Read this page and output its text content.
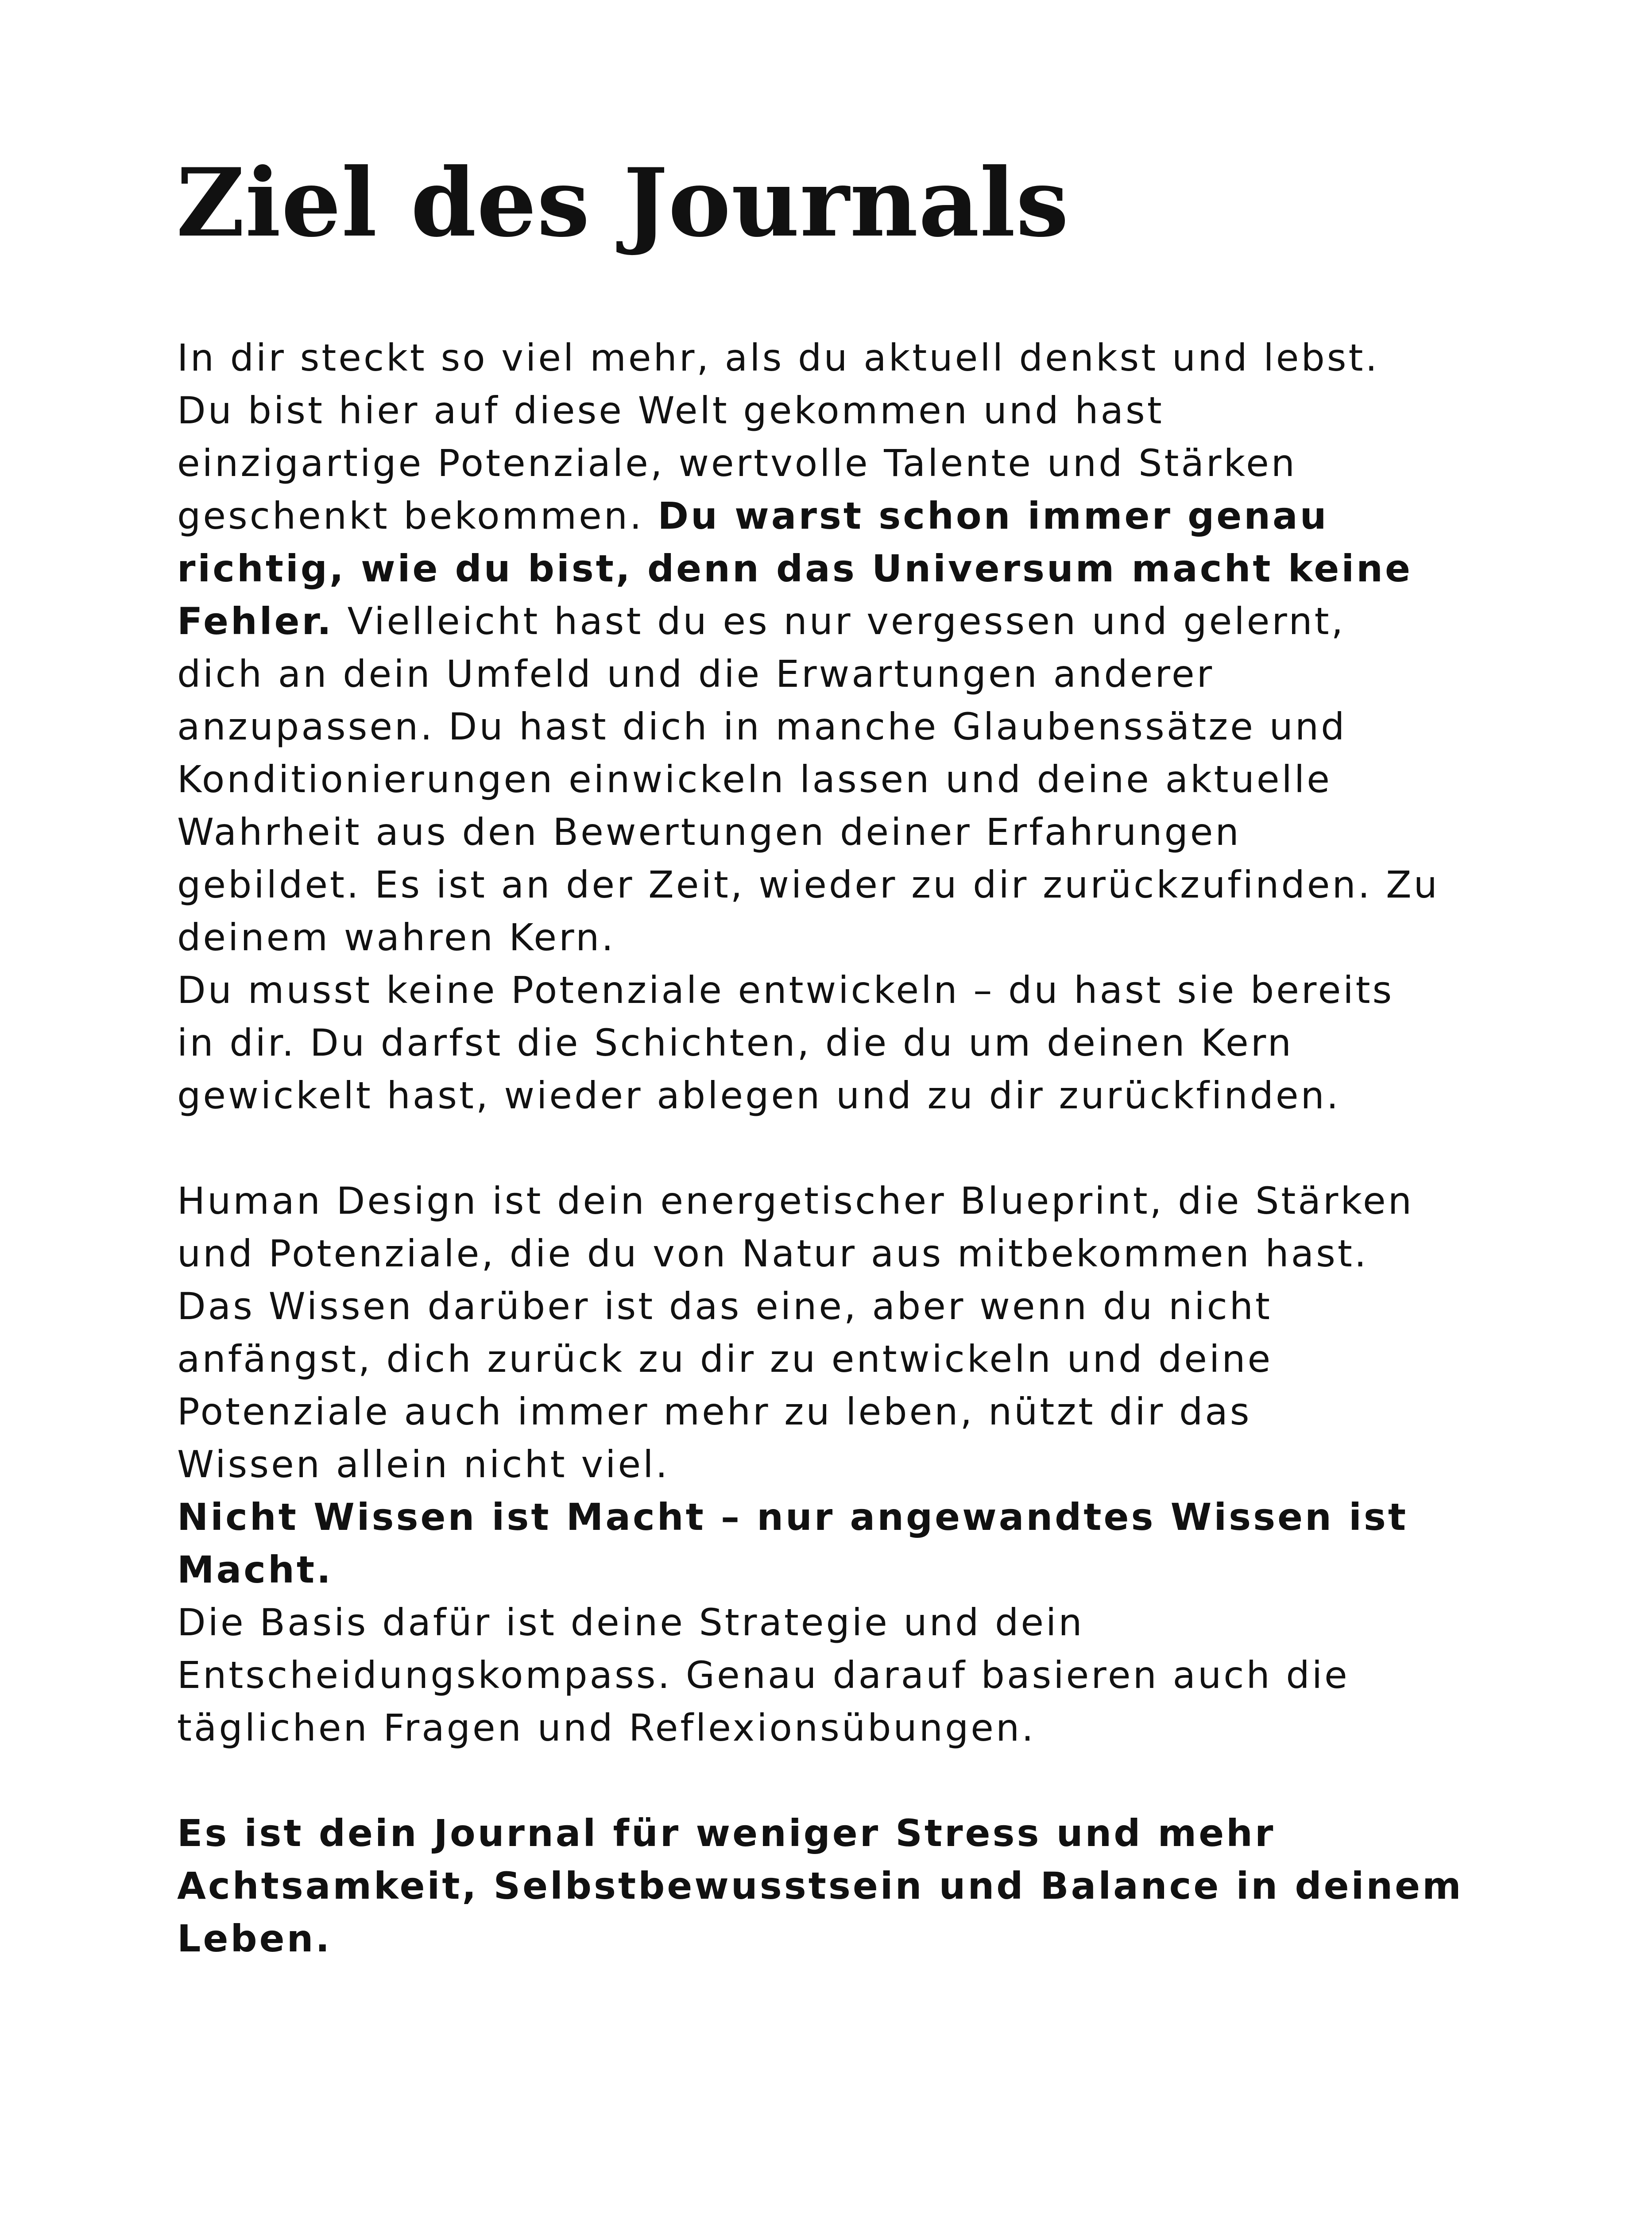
Ziel des Journals
In dir steckt so viel mehr, als du aktuell denkst und lebst.
Du bist hier auf diese Welt gekommen und hast
einzigartige Potenziale, wertvolle Talente und Stärken
geschenkt bekommen. Du warst schon immer genau
richtig, wie du bist, denn das Universum macht keine
Fehler. Vielleicht hast du es nur vergessen und gelernt,
dich an dein Umfeld und die Erwartungen anderer
anzupassen. Du hast dich in manche Glaubenssätze und
Konditionierungen einwickeln lassen und deine aktuelle
Wahrheit aus den Bewertungen deiner Erfahrungen
gebildet. Es ist an der Zeit, wieder zu dir zurückzufinden. Zu
deinem wahren Kern.
Du musst keine Potenziale entwickeln – du hast sie bereits
in dir. Du darfst die Schichten, die du um deinen Kern
gewickelt hast, wieder ablegen und zu dir zurückfinden.
Human Design ist dein energetischer Blueprint, die Stärken
und Potenziale, die du von Natur aus mitbekommen hast.
Das Wissen darüber ist das eine, aber wenn du nicht
anfängst, dich zurück zu dir zu entwickeln und deine
Potenziale auch immer mehr zu leben, nützt dir das
Wissen allein nicht viel.
Nicht Wissen ist Macht – nur angewandtes Wissen ist
Macht.
Die Basis dafür ist deine Strategie und dein
Entscheidungskompass. Genau darauf basieren auch die
täglichen Fragen und Reflexionsübungen.
Es ist dein Journal für weniger Stress und mehr
Achtsamkeit, Selbstbewusstsein und Balance in deinem
Leben.
